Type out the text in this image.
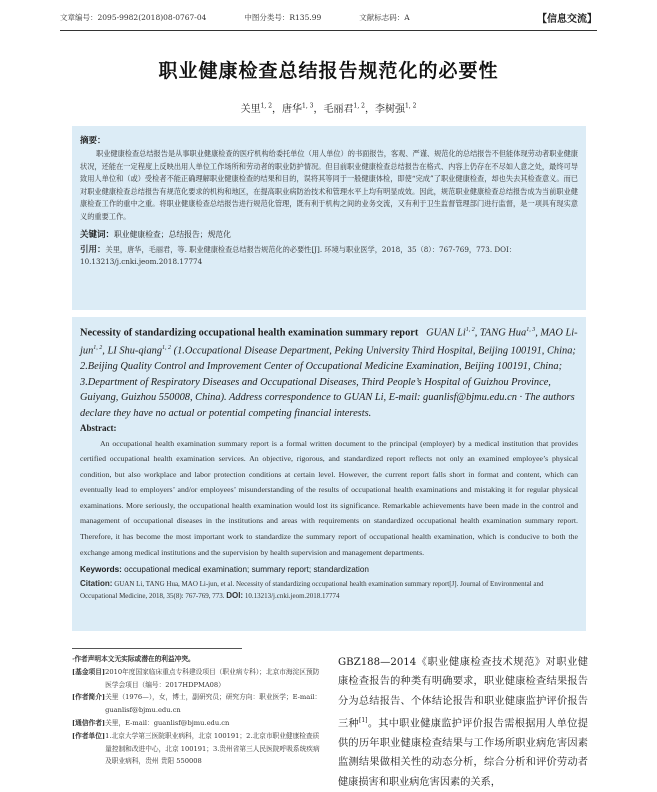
文章编号：2095-9982(2018)08-0767-04	中图分类号：R135.99	文献标志码：A	【信息交流】
职业健康检查总结报告规范化的必要性
关里$^{1, 2}$，唐华$^{1, 3}$，毛丽君$^{1, 2}$，李树强$^{1, 2}$
摘要：
职业健康检查总结报告是从事职业健康检查的医疗机构给委托单位（用人单位）的书面报告，客观、严谨、规范化的总结报告不但能体现劳动者职业健康状况，还能在一定程度上反映出用人单位工作场所和劳动者的职业防护情况。但目前职业健康检查总结报告在格式、内容上仍存在不尽如人意之处，最终可导致用人单位和（或）受检者不能正确理解职业健康检查的结果和目的，误将其等同于一般健康体检，即使“完成”了职业健康检查，却也失去其检查意义。而已对职业健康检查总结报告有规范化要求的机构和地区，在提高职业病防治技术和管理水平上均有明显成效。因此，规范职业健康检查总结报告成为当前职业健康检查工作的重中之重。将职业健康检查总结报告进行规范化管理，既有利于机构之间的业务交流，又有利于卫生监督管理部门进行监督，是一项具有现实意义的重要工作。
关键词：职业健康检查；总结报告；规范化
引用：关里，唐华，毛丽君，等. 职业健康检查总结报告规范化的必要性[J]. 环境与职业医学，2018，35（8）：767-769，773. DOI：10.13213/j.cnki.jeom.2018.17774
Necessity of standardizing occupational health examination summary report GUAN Li$^{1, 2}$, TANG Hua$^{1, 3}$, MAO Li-jun$^{1, 2}$, LI Shu-qiang$^{1, 2}$ (1.Occupational Disease Department, Peking University Third Hospital, Beijing 100191, China; 2.Beijing Quality Control and Improvement Center of Occupational Medicine Examination, Beijing 100191, China; 3.Department of Respiratory Diseases and Occupational Diseases, Third People’s Hospital of Guizhou Province, Guiyang, Guizhou 550008, China). Address correspondence to GUAN Li, E-mail: guanlisf@bjmu.edu.cn · The authors declare they have no actual or potential competing financial interests.
Abstract:
An occupational health examination summary report is a formal written document to the principal (employer) by a medical institution that provides certified occupational health examination services. An objective, rigorous, and standardized report reflects not only an examined employee’s physical condition, but also workplace and labor protection conditions at certain level. However, the current report falls short in format and content, which can eventually lead to employers’ and/or employees’ misunderstanding of the results of occupational health examinations and mistaking it for regular physical examinations. More seriously, the occupational health examination would lost its significance. Remarkable achievements have been made in the control and management of occupational diseases in the institutions and areas with requirements on standardized occupational health examination summary report. Therefore, it has become the most important work to standardize the summary report of occupational health examination, which is conducive to both the exchange among medical institutions and the supervision by health supervision and management departments.
Keywords: occupational medical examination; summary report; standardization
Citation: GUAN Li, TANG Hua, MAO Li-jun, et al. Necessity of standardizing occupational health examination summary report[J]. Journal of Environmental and Occupational Medicine, 2018, 35(8): 767-769, 773. DOI: 10.13213/j.cnki.jeom.2018.17774
·作者声明本文无实际或潜在的利益冲突。
[基金项目] 2010年度国家临床重点专科建设项目（职业病专科）；北京市海淀区预防医学会项目（编号：2017HDPMA08）
[作者简介] 关里（1976—），女，博士，副研究员；研究方向：职业医学；E-mail：guanlisf@bjmu.edu.cn
[通信作者] 关里，E-mail：guanlisf@bjmu.edu.cn
[作者单位] 1.北京大学第三医院职业病科，北京 100191；2.北京市职业健康检查质量控制和改进中心，北京 100191；3.贵州省第三人民医院呼吸系统疾病及职业病科，贵州 贵阳 550008
GBZ188—2014《职业健康检查技术规范》对职业健康检查报告的种类有明确要求，职业健康检查结果报告分为总结报告、个体结论报告和职业健康监护评价报告三种[1]。其中职业健康监护评价报告需根据用人单位提供的历年职业健康检查结果与工作场所职业病危害因素监测结果做相关性的动态分析，综合分析和评价劳动者健康损害和职业病危害因素的关系，
